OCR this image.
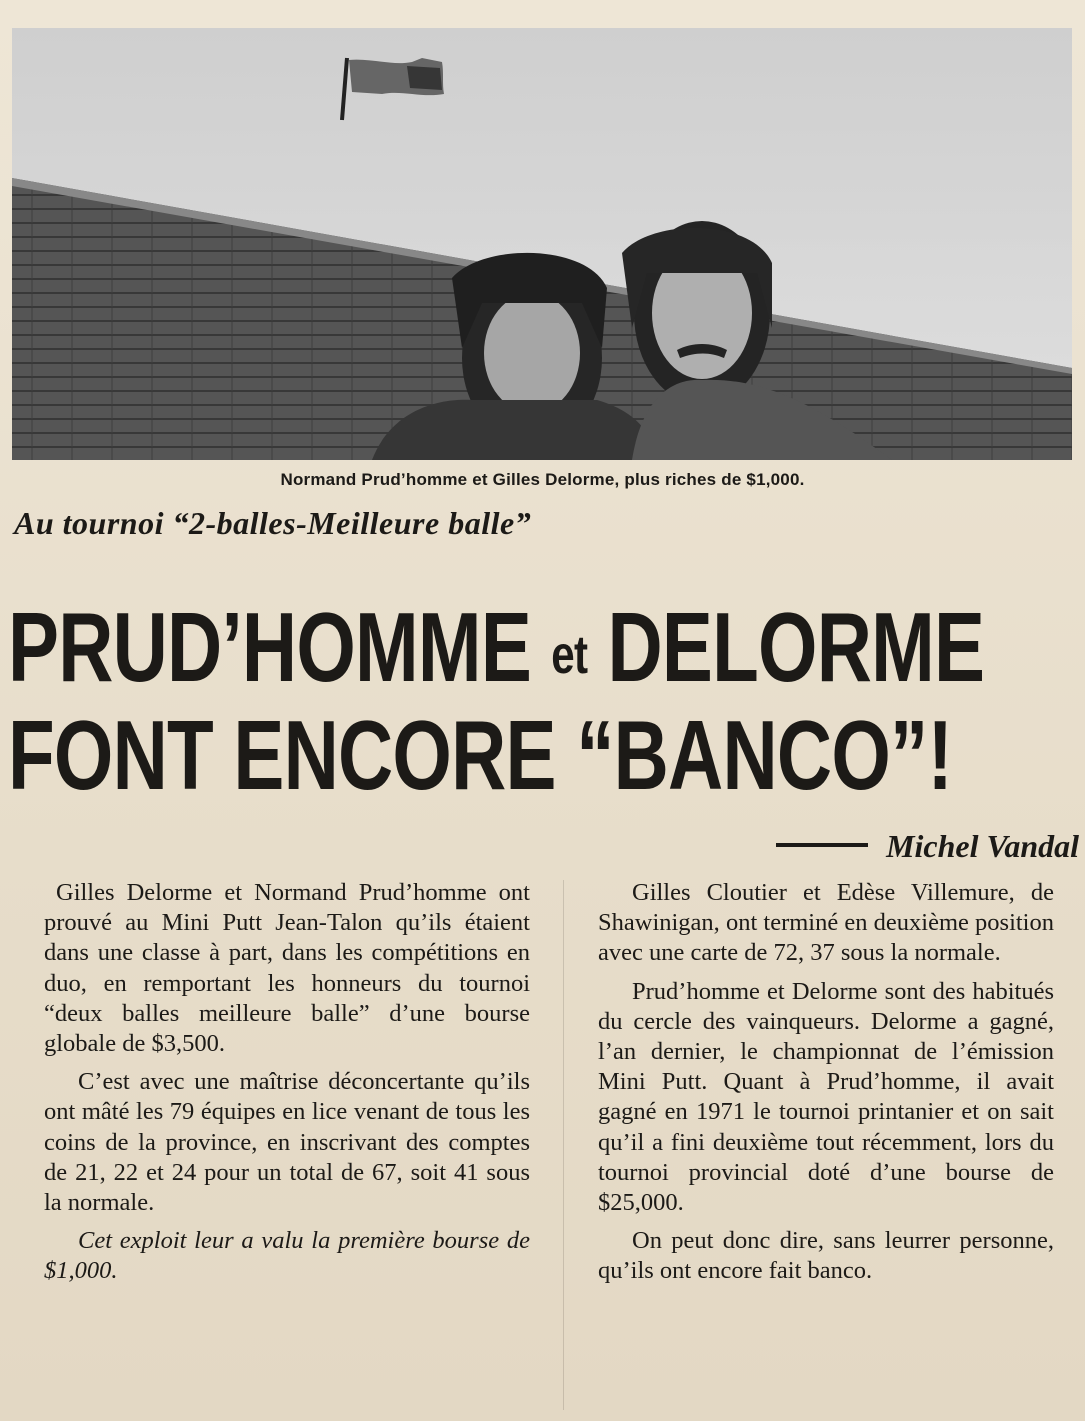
Normand Prud’homme et Gilles Delorme, plus riches de $1,000.
Au tournoi “2-balles-Meilleure balle”
PRUD’HOMME et DELORME
FONT ENCORE “BANCO”!
Michel Vandal

Gilles Delorme et Normand Prud’homme ont prouvé au Mini Putt Jean-Talon qu’ils étaient dans une classe à part, dans les compétitions en duo, en remportant les honneurs du tournoi “deux balles meilleure balle” d’une bourse globale de $3,500.

C’est avec une maîtrise déconcertante qu’ils ont mâté les 79 équipes en lice venant de tous les coins de la province, en inscrivant des comptes de 21, 22 et 24 pour un total de 67, soit 41 sous la normale.

Cet exploit leur a valu la première bourse de $1,000.

Gilles Cloutier et Edèse Villemure, de Shawinigan, ont terminé en deuxième position avec une carte de 72, 37 sous la normale.

Prud’homme et Delorme sont des habitués du cercle des vainqueurs. Delorme a gagné, l’an dernier, le championnat de l’émission Mini Putt. Quant à Prud’homme, il avait gagné en 1971 le tournoi printanier et on sait qu’il a fini deuxième tout récemment, lors du tournoi provincial doté d’une bourse de $25,000.

On peut donc dire, sans leurrer personne, qu’ils ont encore fait banco.
